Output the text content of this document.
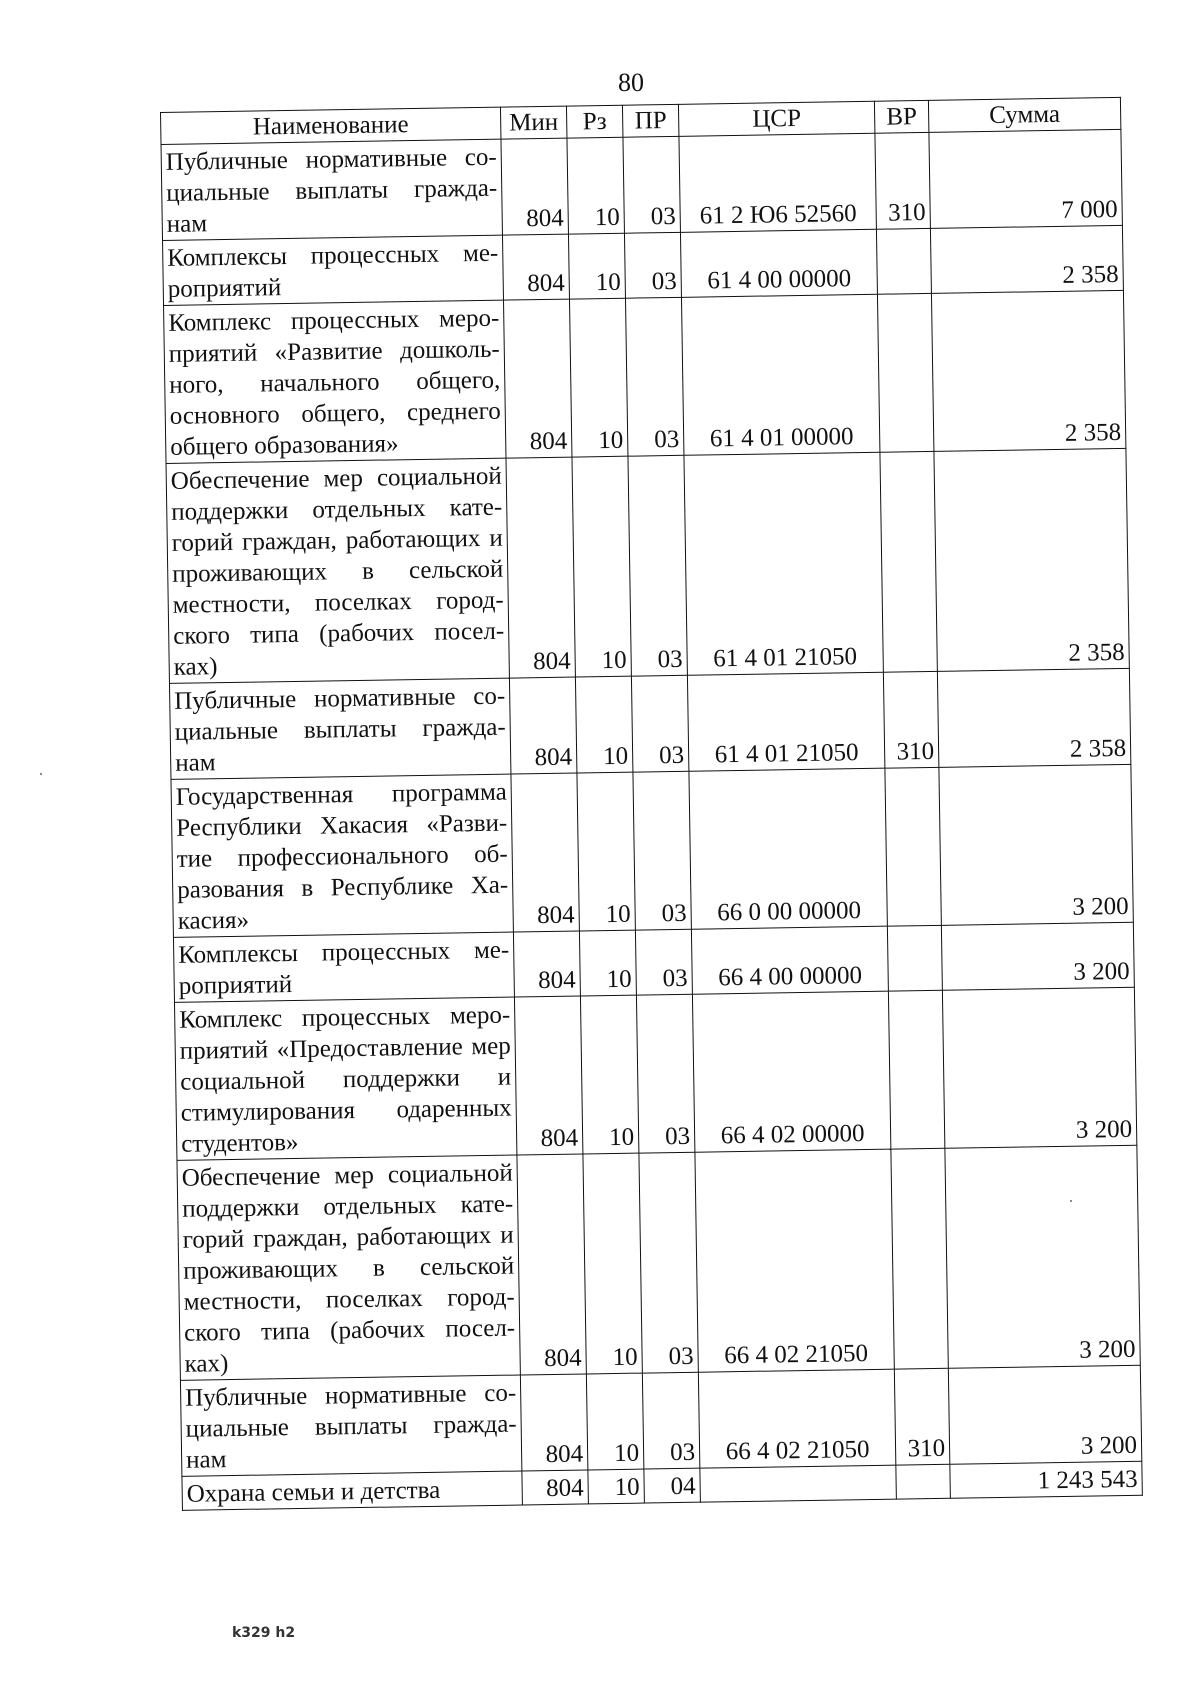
80
Наименование	Мин	Рз	ПР	ЦСР	ВР	Сумма
Публичные нормативные со-циальные выплаты гражда-нам	804	10	03	61 2 Ю6 52560	310	7 000
Комплексы процессных ме-роприятий	804	10	03	61 4 00 00000		2 358
Комплекс процессных меро-приятий «Развитие дошколь-ного, начального общего, основного общего, среднего общего образования»	804	10	03	61 4 01 00000		2 358
Обеспечение мер социальной поддержки отдельных кате-горий граждан, работающих и проживающих в сельской местности, поселках город-ского типа (рабочих посел-ках)	804	10	03	61 4 01 21050		2 358
Публичные нормативные со-циальные выплаты гражда-нам	804	10	03	61 4 01 21050	310	2 358
Государственная программа Республики Хакасия «Разви-тие профессионального об-разования в Республике Ха-касия»	804	10	03	66 0 00 00000		3 200
Комплексы процессных ме-роприятий	804	10	03	66 4 00 00000		3 200
Комплекс процессных меро-приятий «Предоставление мер социальной поддержки и стимулирования одаренных студентов»	804	10	03	66 4 02 00000		3 200
Обеспечение мер социальной поддержки отдельных кате-горий граждан, работающих и проживающих в сельской местности, поселках город-ского типа (рабочих посел-ках)	804	10	03	66 4 02 21050		3 200
Публичные нормативные со-циальные выплаты гражда-нам	804	10	03	66 4 02 21050	310	3 200
Охрана семьи и детства	804	10	04			1 243 543
k329 h2
